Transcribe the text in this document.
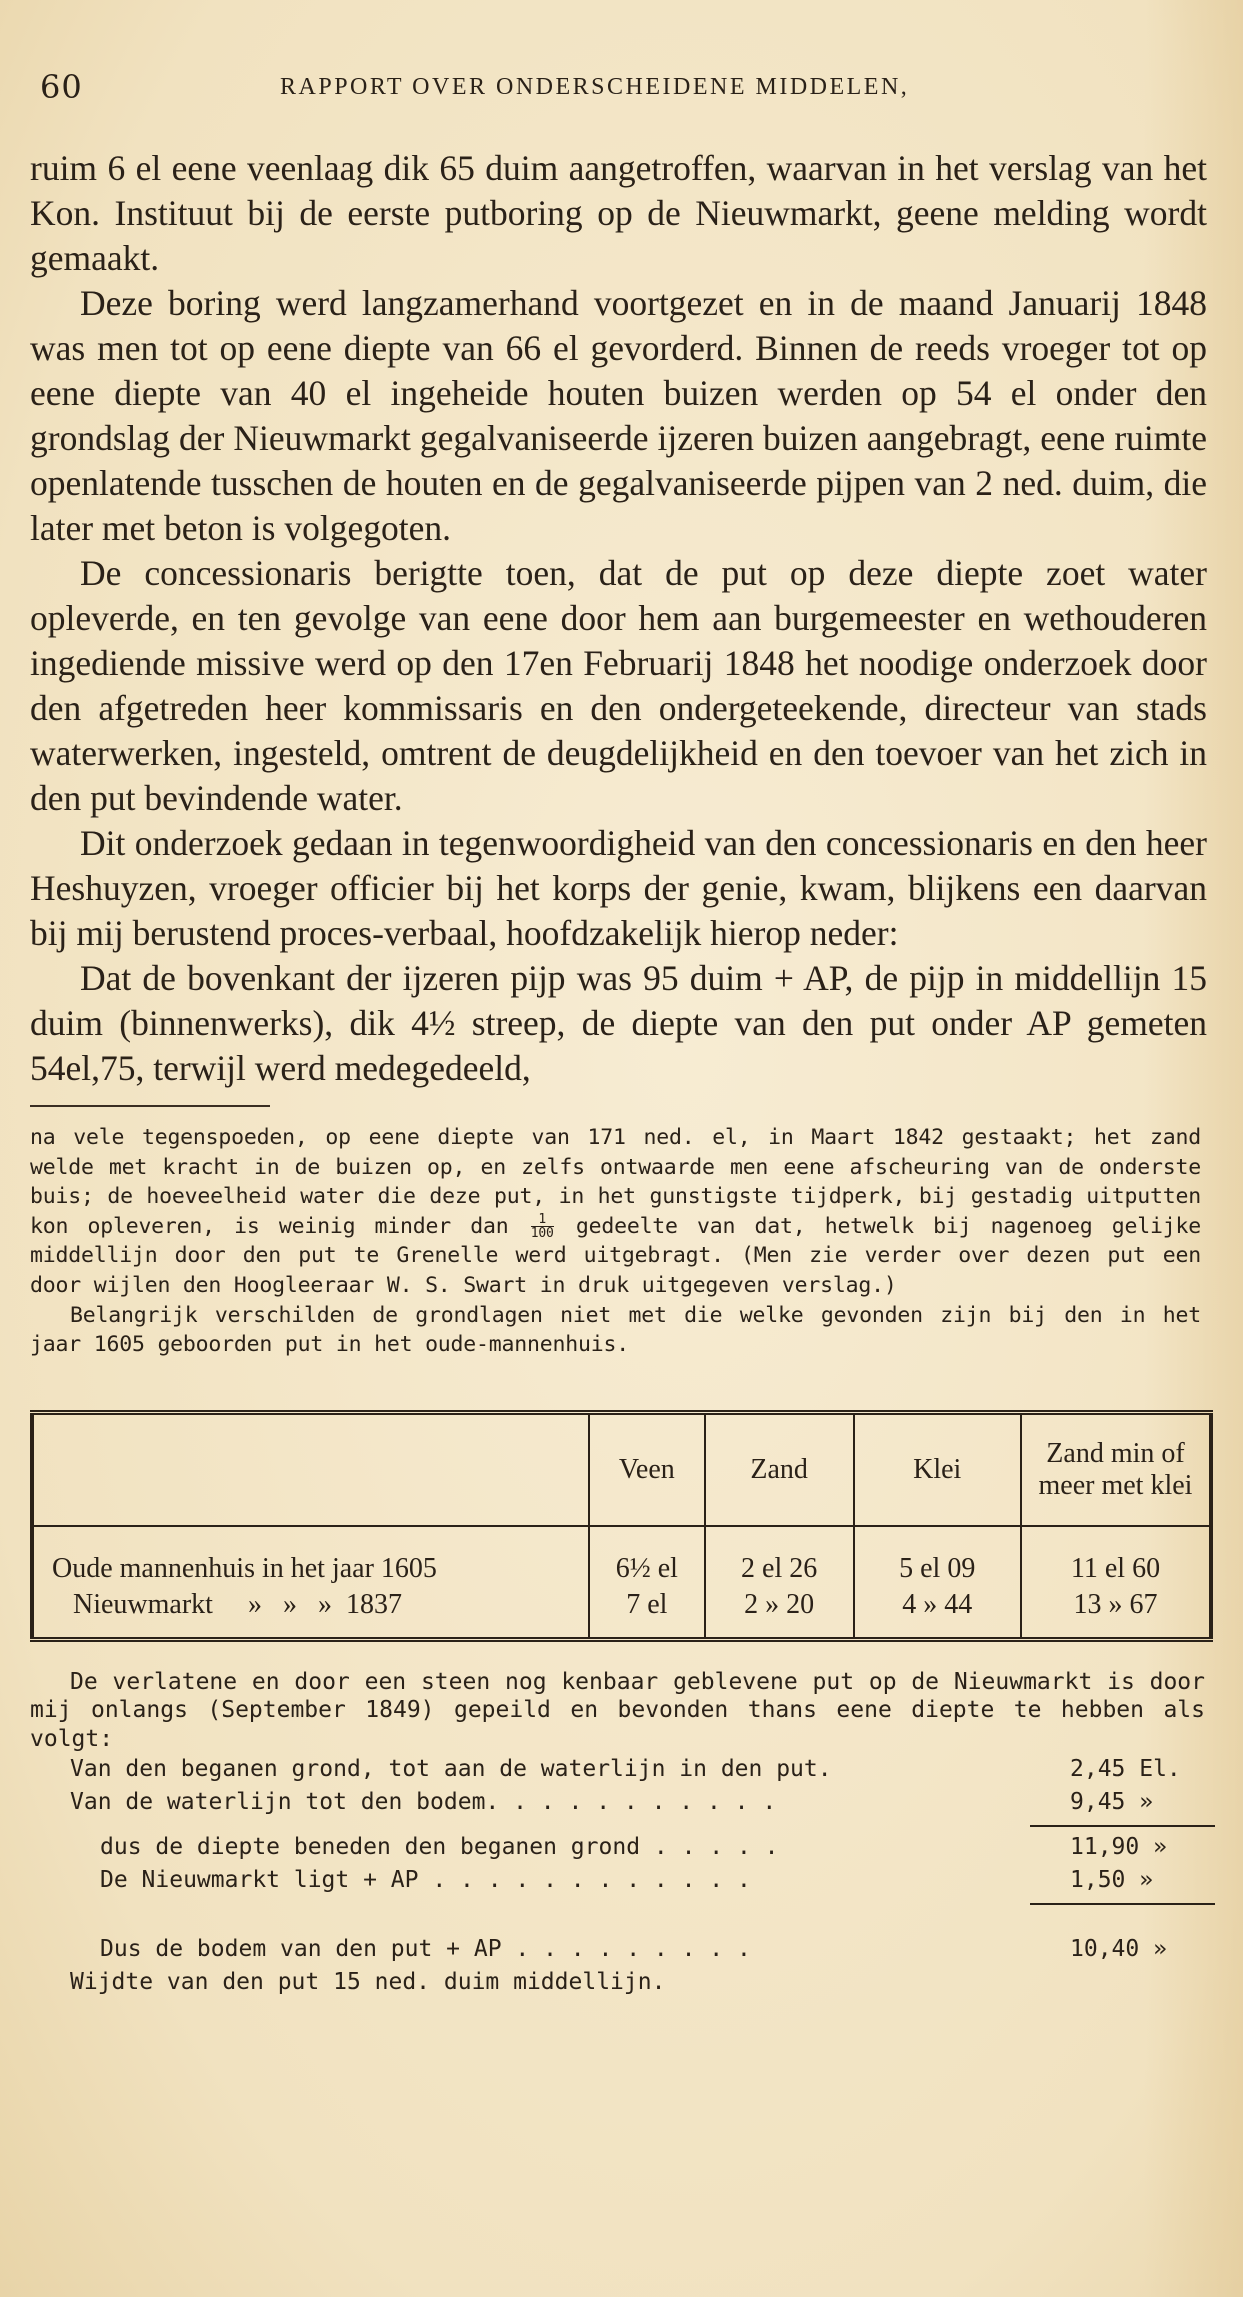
60	RAPPORT OVER ONDERSCHEIDENE MIDDELEN,

ruim 6 el eene veenlaag dik 65 duim aangetroffen, waarvan in het verslag van het Kon. Instituut bij de eerste putboring op de Nieuwmarkt, geene melding wordt gemaakt.

Deze boring werd langzamerhand voortgezet en in de maand Januarij 1848 was men tot op eene diepte van 66 el gevorderd. Binnen de reeds vroeger tot op eene diepte van 40 el ingeheide houten buizen werden op 54 el onder den grondslag der Nieuwmarkt gegalvaniseerde ijzeren buizen aangebragt, eene ruimte openlatende tusschen de houten en de gegalvaniseerde pijpen van 2 ned. duim, die later met beton is volgegoten.

De concessionaris berigtte toen, dat de put op deze diepte zoet water opleverde, en ten gevolge van eene door hem aan burgemeester en wethouderen ingediende missive werd op den 17en Februarij 1848 het noodige onderzoek door den afgetreden heer kommissaris en den ondergeteekende, directeur van stads waterwerken, ingesteld, omtrent de deugdelijkheid en den toevoer van het zich in den put bevindende water.

Dit onderzoek gedaan in tegenwoordigheid van den concessionaris en den heer Heshuyzen, vroeger officier bij het korps der genie, kwam, blijkens een daarvan bij mij berustend proces-verbaal, hoofdzakelijk hierop neder:

Dat de bovenkant der ijzeren pijp was 95 duim + AP, de pijp in middellijn 15 duim (binnenwerks), dik 4½ streep, de diepte van den put onder AP gemeten 54el,75, terwijl werd medegedeeld,

na vele tegenspoeden, op eene diepte van 171 ned. el, in Maart 1842 gestaakt; het zand welde met kracht in de buizen op, en zelfs ontwaarde men eene afscheuring van de onderste buis; de hoeveelheid water die deze put, in het gunstigste tijdperk, bij gestadig uitputten kon opleveren, is weinig minder dan $\frac{1}{100}$ gedeelte van dat, hetwelk bij nagenoeg gelijke middellijn door den put te Grenelle werd uitgebragt. (Men zie verder over dezen put een door wijlen den Hoogleeraar W. S. Swart in druk uitgegeven verslag.)

Belangrijk verschilden de grondlagen niet met die welke gevonden zijn bij den in het jaar 1605 geboorden put in het oude-mannenhuis.

	Veen	Zand	Klei	Zand min of
meer met klei

Oude mannenhuis in het jaar 1605	6½ el	2 el 26	5 el 09	11 el 60
Nieuwmarkt     »   »   »  1837	7 el	2 » 20	4 » 44	13 » 67

De verlatene en door een steen nog kenbaar geblevene put op de Nieuwmarkt is door mij onlangs (September 1849) gepeild en bevonden thans eene diepte te hebben als volgt:

Van den beganen grond, tot aan de waterlijn in den put.	2,45 El.
Van de waterlijn tot den bodem. . . . . . . . . . .	9,45 »
dus de diepte beneden den beganen grond . . . . .	11,90 »
De Nieuwmarkt ligt + AP . . . . . . . . . . . .	1,50 »
Dus de bodem van den put + AP . . . . . . . . .	10,40 »
Wijdte van den put 15 ned. duim middellijn.
